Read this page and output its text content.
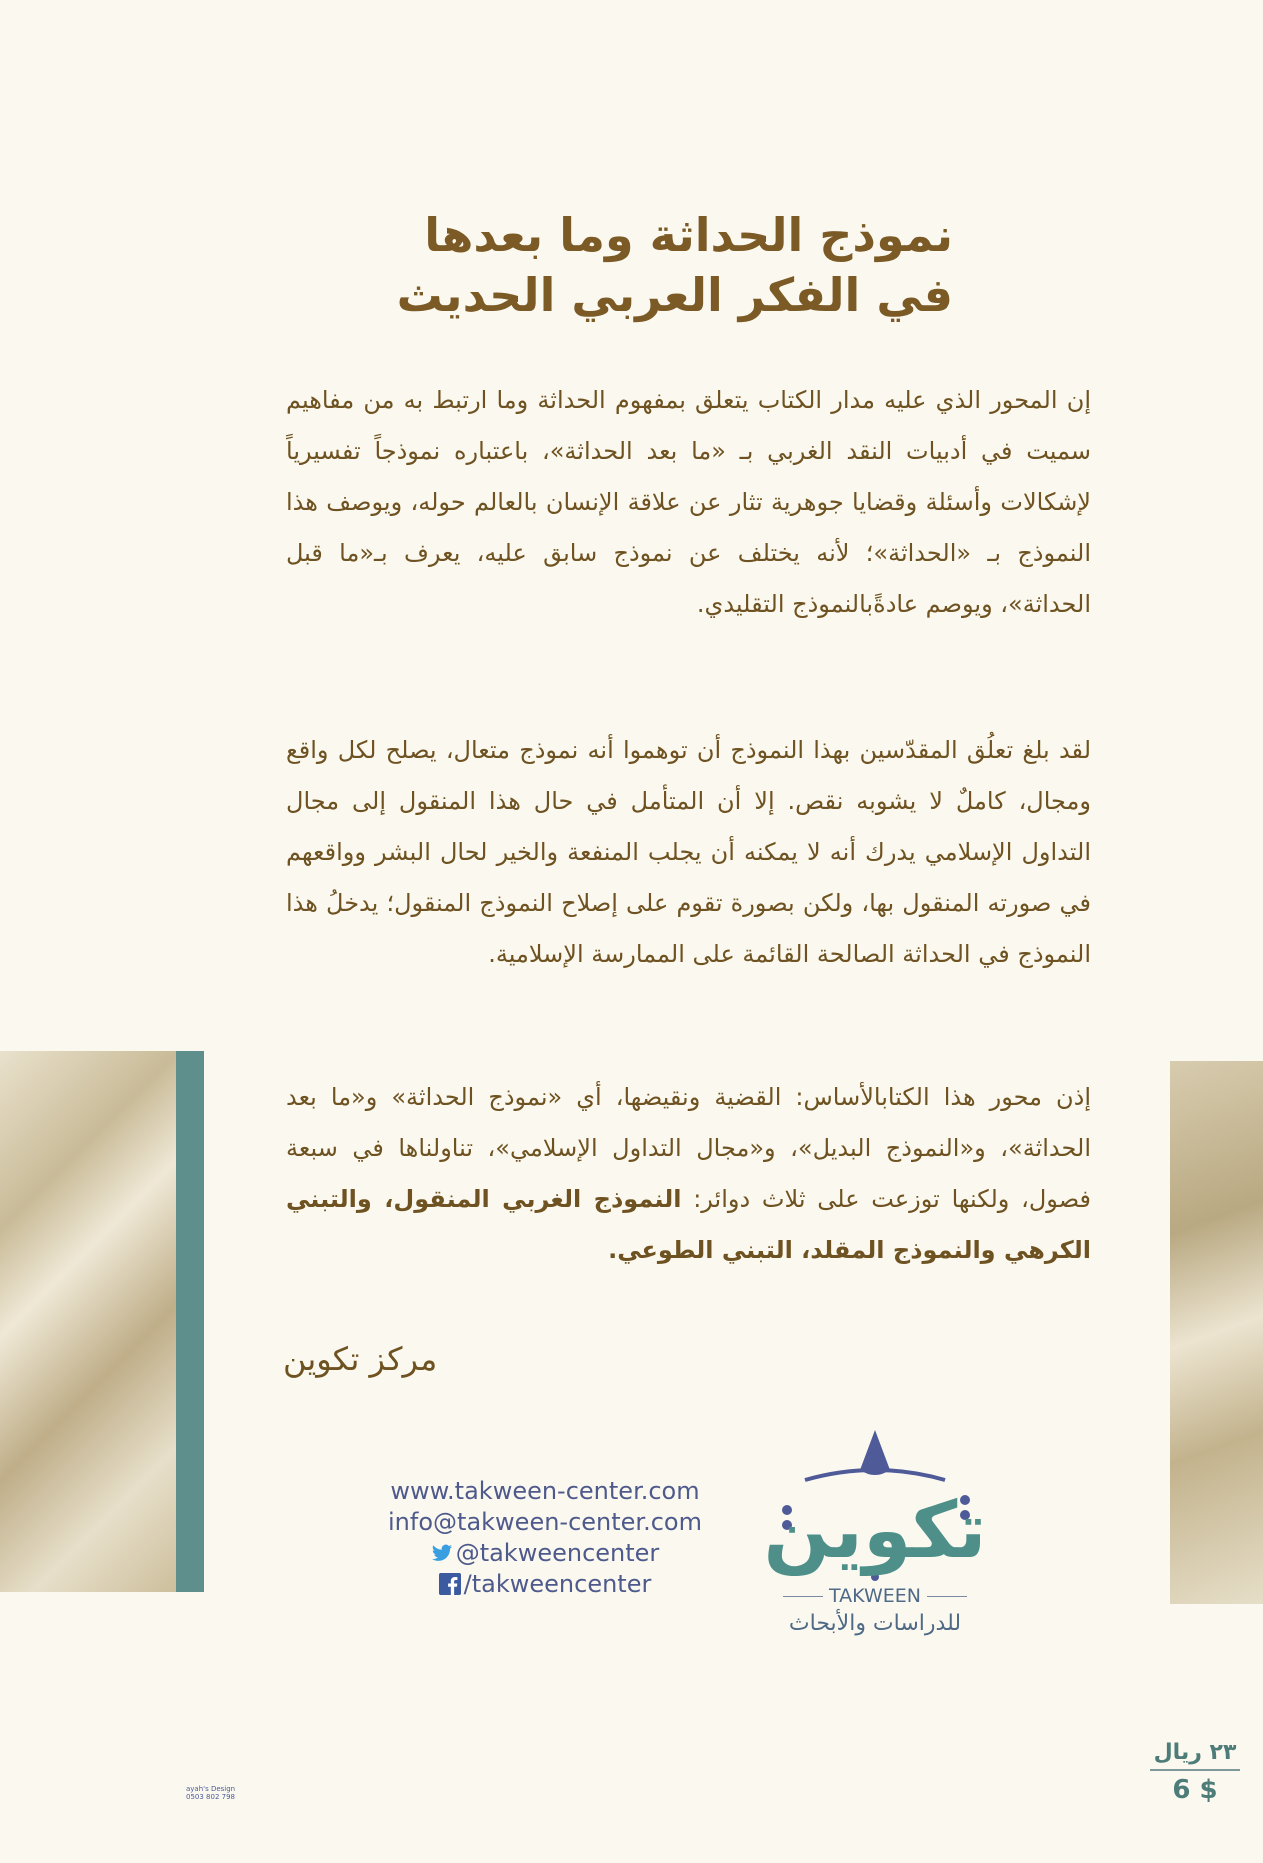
نموذج الحداثة وما بعدها
في الفكر العربي الحديث
إن المحور الذي عليه مدار الكتاب يتعلق بمفهوم الحداثة وما ارتبط به من مفاهيم سميت في أدبيات النقد الغربي بـ «ما بعد الحداثة»، باعتباره نموذجاً تفسيرياً لإشكالات وأسئلة وقضايا جوهرية تثار عن علاقة الإنسان بالعالم حوله، ويوصف هذا النموذج بـ «الحداثة»؛ لأنه يختلف عن نموذج سابق عليه، يعرف بـ«ما قبل الحداثة»، ويوصم عادةًبالنموذج التقليدي.
لقد بلغ تعلُق المقدّسين بهذا النموذج أن توهموا أنه نموذج متعال، يصلح لكل واقع ومجال، كاملٌ لا يشوبه نقص. إلا أن المتأمل في حال هذا المنقول إلى مجال التداول الإسلامي يدرك أنه لا يمكنه أن يجلب المنفعة والخير لحال البشر وواقعهم في صورته المنقول بها، ولكن بصورة تقوم على إصلاح النموذج المنقول؛ يدخلُ هذا النموذج في الحداثة الصالحة القائمة على الممارسة الإسلامية.
إذن محور هذا الكتابالأساس: القضية ونقيضها، أي «نموذج الحداثة» و«ما بعد الحداثة»، و«النموذج البديل»، و«مجال التداول الإسلامي»، تناولناها في سبعة فصول، ولكنها توزعت على ثلاث دوائر: النموذج الغربي المنقول، والتبني الكرهي والنموذج المقلد، التبني الطوعي.
مركز تكوين
www.takween-center.com
info@takween-center.com
@takweencenter
/takweencenter
تكوين
TAKWEEN
للدراسات والأبحاث
ayah's Design
0503 802 798
٢٣ ريال
6 $
